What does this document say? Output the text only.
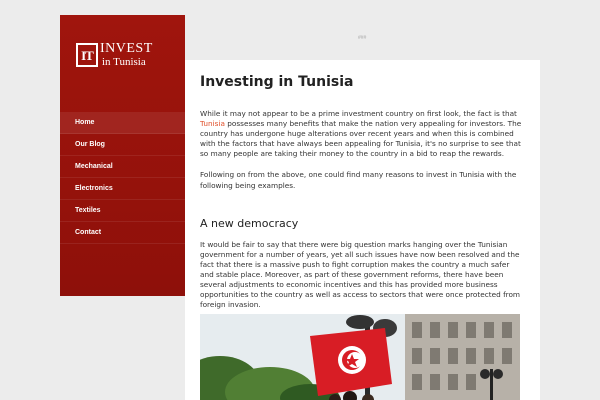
IT INVEST
in Tunisia
Home
Our Blog
Mechanical
Electronics
Textiles
Contact
###
Investing in Tunisia

While it may not appear to be a prime investment country on first look, the fact is that Tunisia possesses many benefits that make the nation very appealing for investors. The country has undergone huge alterations over recent years and when this is combined with the factors that have always been appealing for Tunisia, it's no surprise to see that so many people are taking their money to the country in a bid to reap the rewards.

Following on from the above, one could find many reasons to invest in Tunisia with the following being examples.

A new democracy

It would be fair to say that there were big question marks hanging over the Tunisian government for a number of years, yet all such issues have now been resolved and the fact that there is a massive push to fight corruption makes the country a much safer and stable place. Moreover, as part of these government reforms, there have been several adjustments to economic incentives and this has provided more business opportunities to the country as well as access to sectors that were once protected from foreign invasion.
